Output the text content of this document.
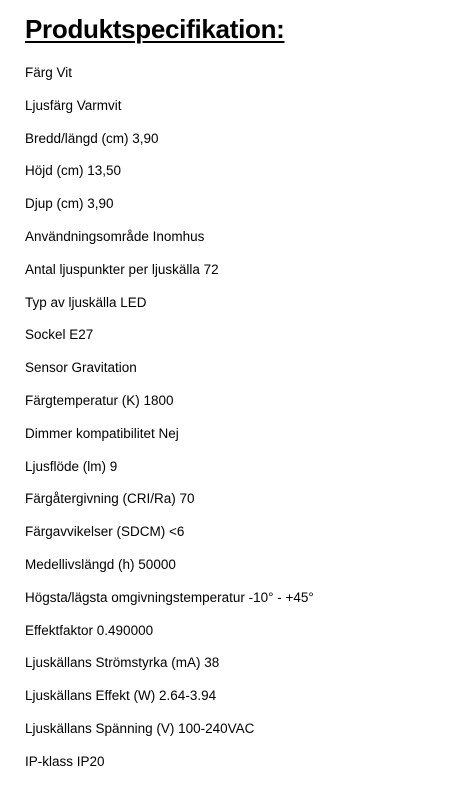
Produktspecifikation:
Färg Vit
Ljusfärg Varmvit
Bredd/längd (cm) 3,90
Höjd (cm) 13,50
Djup (cm) 3,90
Användningsområde Inomhus
Antal ljuspunkter per ljuskälla 72
Typ av ljuskälla LED
Sockel E27
Sensor Gravitation
Färgtemperatur (K) 1800
Dimmer kompatibilitet Nej
Ljusflöde (lm) 9
Färgåtergivning (CRI/Ra) 70
Färgavvikelser (SDCM) <6
Medellivslängd (h) 50000
Högsta/lägsta omgivningstemperatur -10° - +45°
Effektfaktor 0.490000
Ljuskällans Strömstyrka (mA) 38
Ljuskällans Effekt (W) 2.64-3.94
Ljuskällans Spänning (V) 100-240VAC
IP-klass IP20
